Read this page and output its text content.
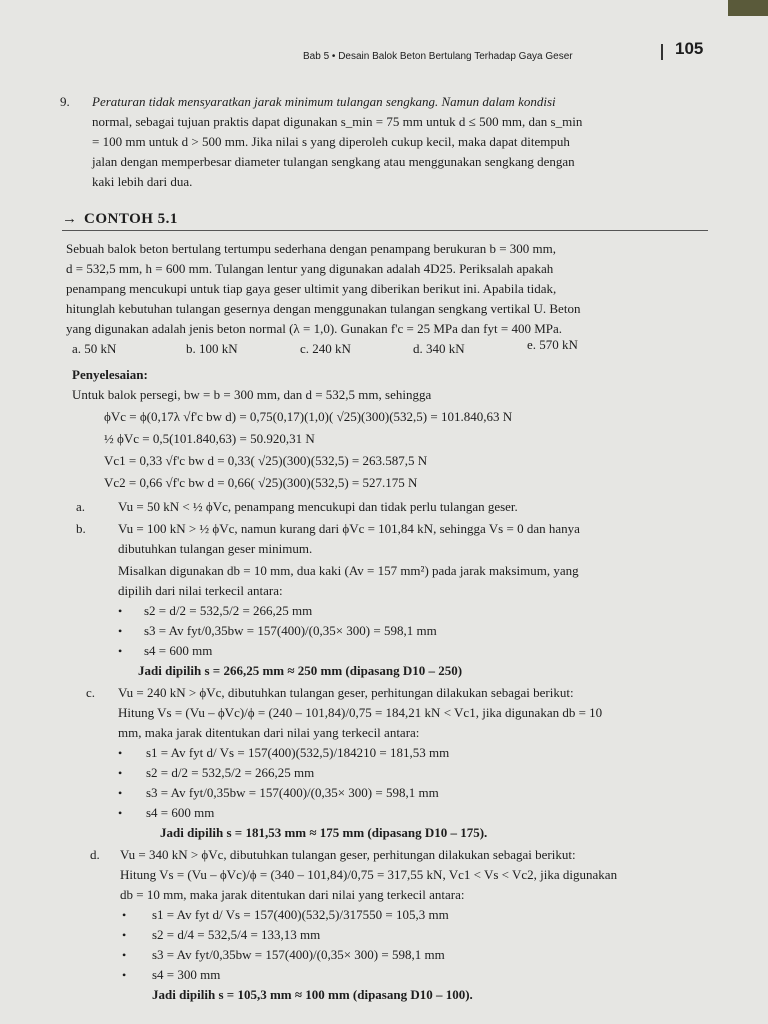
Bab 5 • Desain Balok Beton Bertulang Terhadap Gaya Geser	105
9. Peraturan tidak mensyaratkan jarak minimum tulangan sengkang. Namun dalam kondisi
normal, sebagai tujuan praktis dapat digunakan s_min = 75 mm untuk d ≤ 500 mm, dan s_min
= 100 mm untuk d > 500 mm. Jika nilai s yang diperoleh cukup kecil, maka dapat ditempuh
jalan dengan memperbesar diameter tulangan sengkang atau menggunakan sengkang dengan
kaki lebih dari dua.
→ CONTOH 5.1
Sebuah balok beton bertulang tertumpu sederhana dengan penampang berukuran b = 300 mm,
d = 532,5 mm, h = 600 mm. Tulangan lentur yang digunakan adalah 4D25. Periksalah apakah
penampang mencukupi untuk tiap gaya geser ultimit yang diberikan berikut ini. Apabila tidak,
hitunglah kebutuhan tulangan gesernya dengan menggunakan tulangan sengkang vertikal U. Beton
yang digunakan adalah jenis beton normal (λ = 1,0). Gunakan f'c = 25 MPa dan fyt = 400 MPa.
a. 50 kN	b. 100 kN	c. 240 kN	d. 340 kN	e. 570 kN
Penyelesaian:
Untuk balok persegi, bw = b = 300 mm, dan d = 532,5 mm, sehingga
ϕVc = ϕ(0,17λ √f'c bw d) = 0,75(0,17)(1,0)( √25)(300)(532,5) = 101.840,63 N
½ ϕVc = 0,5(101.840,63) = 50.920,31 N
Vc1 = 0,33 √f'c bw d = 0,33( √25)(300)(532,5) = 263.587,5 N
Vc2 = 0,66 √f'c bw d = 0,66( √25)(300)(532,5) = 527.175 N
a.	Vu = 50 kN < ½ ϕVc, penampang mencukupi dan tidak perlu tulangan geser.
b. Vu = 100 kN > ½ ϕVc, namun kurang dari ϕVc = 101,84 kN, sehingga Vs = 0 dan hanya
dibutuhkan tulangan geser minimum.
Misalkan digunakan db = 10 mm, dua kaki (Av = 157 mm²) pada jarak maksimum, yang
dipilih dari nilai terkecil antara:
• s2 = d/2 = 532,5/2 = 266,25 mm
• s3 = Av fyt/0,35bw = 157(400)/(0,35× 300) = 598,1 mm
• s4 = 600 mm
Jadi dipilih s = 266,25 mm ≈ 250 mm (dipasang D10 – 250)
c. Vu = 240 kN > ϕVc, dibutuhkan tulangan geser, perhitungan dilakukan sebagai berikut:
Hitung Vs = (Vu – ϕVc)/ϕ = (240 – 101,84)/0,75 = 184,21 kN < Vc1, jika digunakan db = 10
mm, maka jarak ditentukan dari nilai yang terkecil antara:
• s1 = Av fyt d/ Vs = 157(400)(532,5)/184210 = 181,53 mm
• s2 = d/2 = 532,5/2 = 266,25 mm
• s3 = Av fyt/0,35bw = 157(400)/(0,35× 300) = 598,1 mm
• s4 = 600 mm
Jadi dipilih s = 181,53 mm ≈ 175 mm (dipasang D10 – 175).
d. Vu = 340 kN > ϕVc, dibutuhkan tulangan geser, perhitungan dilakukan sebagai berikut:
Hitung Vs = (Vu – ϕVc)/ϕ = (340 – 101,84)/0,75 = 317,55 kN, Vc1 < Vs < Vc2, jika digunakan
db = 10 mm, maka jarak ditentukan dari nilai yang terkecil antara:
• s1 = Av fyt d/ Vs = 157(400)(532,5)/317550 = 105,3 mm
• s2 = d/4 = 532,5/4 = 133,13 mm
• s3 = Av fyt/0,35bw = 157(400)/(0,35× 300) = 598,1 mm
• s4 = 300 mm
Jadi dipilih s = 105,3 mm ≈ 100 mm (dipasang D10 – 100).
